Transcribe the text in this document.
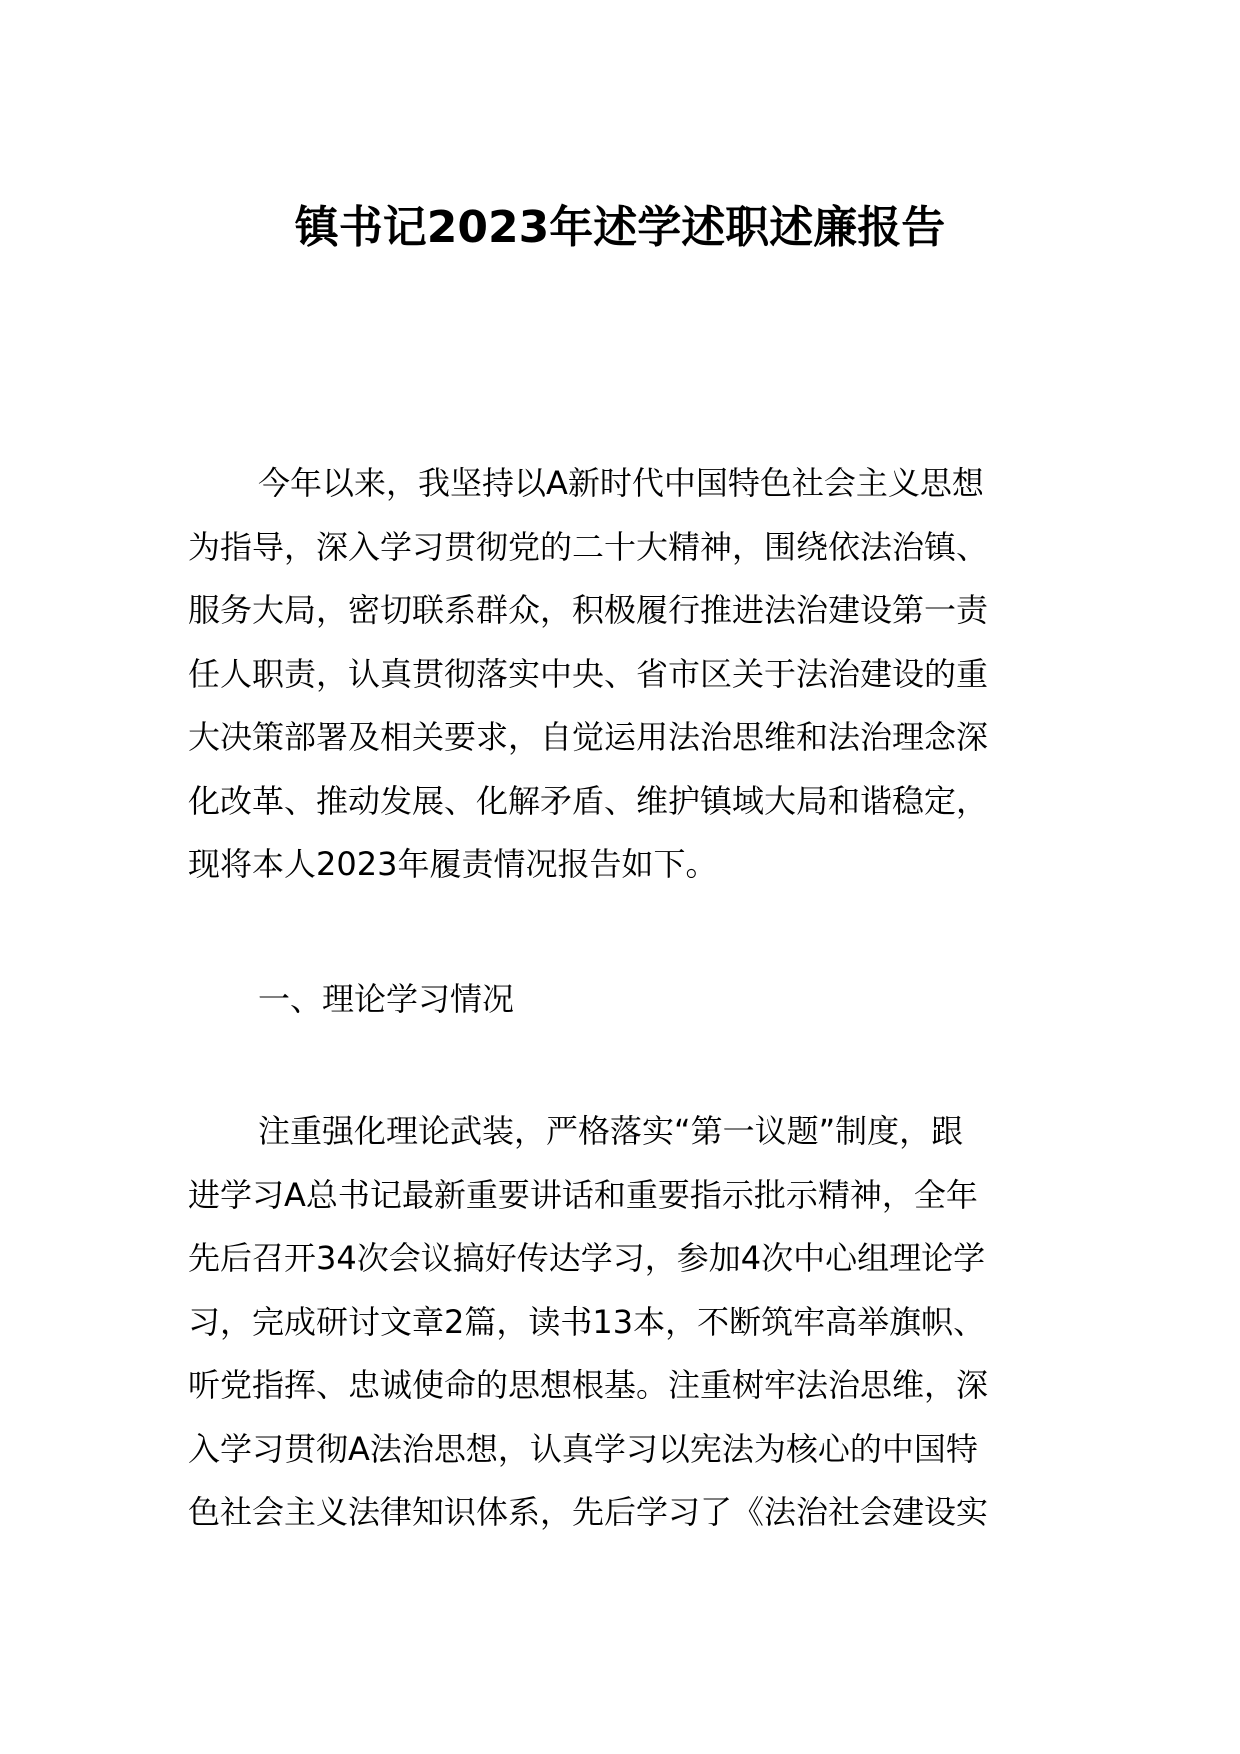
镇书记2023年述学述职述廉报告
今年以来，我坚持以A新时代中国特色社会主义思想
为指导，深入学习贯彻党的二十大精神，围绕依法治镇、
服务大局，密切联系群众，积极履行推进法治建设第一责
任人职责，认真贯彻落实中央、省市区关于法治建设的重
大决策部署及相关要求，自觉运用法治思维和法治理念深
化改革、推动发展、化解矛盾、维护镇域大局和谐稳定，
现将本人2023年履责情况报告如下。
一、理论学习情况
注重强化理论武装，严格落实“第一议题”制度，跟
进学习A总书记最新重要讲话和重要指示批示精神，全年
先后召开34次会议搞好传达学习，参加4次中心组理论学
习，完成研讨文章2篇，读书13本，不断筑牢高举旗帜、
听党指挥、忠诚使命的思想根基。注重树牢法治思维，深
入学习贯彻A法治思想，认真学习以宪法为核心的中国特
色社会主义法律知识体系，先后学习了《法治社会建设实
